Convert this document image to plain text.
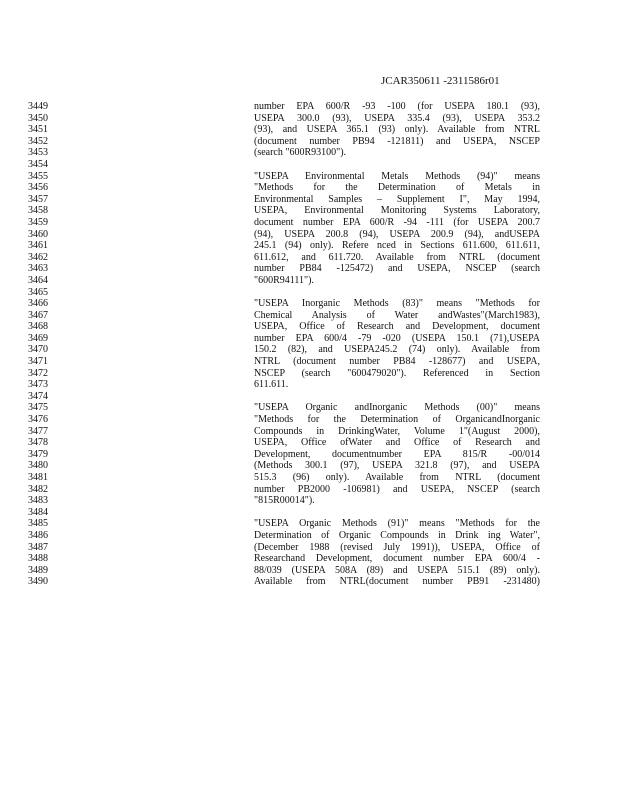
JCAR350611 -2311586r01
3449
3450
3451
3452
3453
3454
3455
3456
3457
3458
3459
3460
3461
3462
3463
3464
3465
3466
3467
3468
3469
3470
3471
3472
3473
3474
3475
3476
3477
3478
3479
3480
3481
3482
3483
3484
3485
3486
3487
3488
3489
3490
number EPA 600/R -93 -100 (for USEPA 180.1 (93),
USEPA 300.0 (93), USEPA 335.4 (93), USEPA 353.2
(93), and USEPA 365.1 (93) only). Available from NTRL
(document number PB94 -121811) and USEPA, NSCEP
(search "600R93100").
"USEPA Environmental Metals Methods (94)" means
"Methods for the Determination of Metals in
Environmental Samples – Supplement I", May 1994,
USEPA, Environmental Monitoring Systems Laboratory,
document number EPA 600/R -94 -111 (for USEPA 200.7
(94), USEPA 200.8 (94), USEPA 200.9 (94), andUSEPA
245.1 (94) only). Refere nced in Sections 611.600, 611.611,
611.612, and 611.720. Available from NTRL (document
number PB84 -125472) and USEPA, NSCEP (search
"600R94111").
"USEPA Inorganic Methods (83)" means "Methods for
Chemical Analysis of Water andWastes"(March1983),
USEPA, Office of Research and Development, document
number EPA 600/4 -79 -020 (USEPA 150.1 (71),USEPA
150.2 (82), and USEPA245.2 (74) only). Available from
NTRL (document number PB84 -128677) and USEPA,
NSCEP (search "600479020"). Referenced in Section
611.611.
"USEPA Organic andInorganic Methods (00)" means
"Methods for the Determination of OrganicandInorganic
Compounds in DrinkingWater, Volume 1"(August 2000),
USEPA, Office ofWater and Office of Research and
Development, documentnumber EPA 815/R -00/014
(Methods 300.1 (97), USEPA 321.8 (97), and USEPA
515.3 (96) only). Available from NTRL (document
number PB2000 -106981) and USEPA, NSCEP (search
"815R00014").
"USEPA Organic Methods (91)" means "Methods for the
Determination of Organic Compounds in Drink ing Water",
(December 1988 (revised July 1991)), USEPA, Office of
Researchand Development, document number EPA 600/4 -
88/039 (USEPA 508A (89) and USEPA 515.1 (89) only).
Available from NTRL(document number PB91 -231480)
